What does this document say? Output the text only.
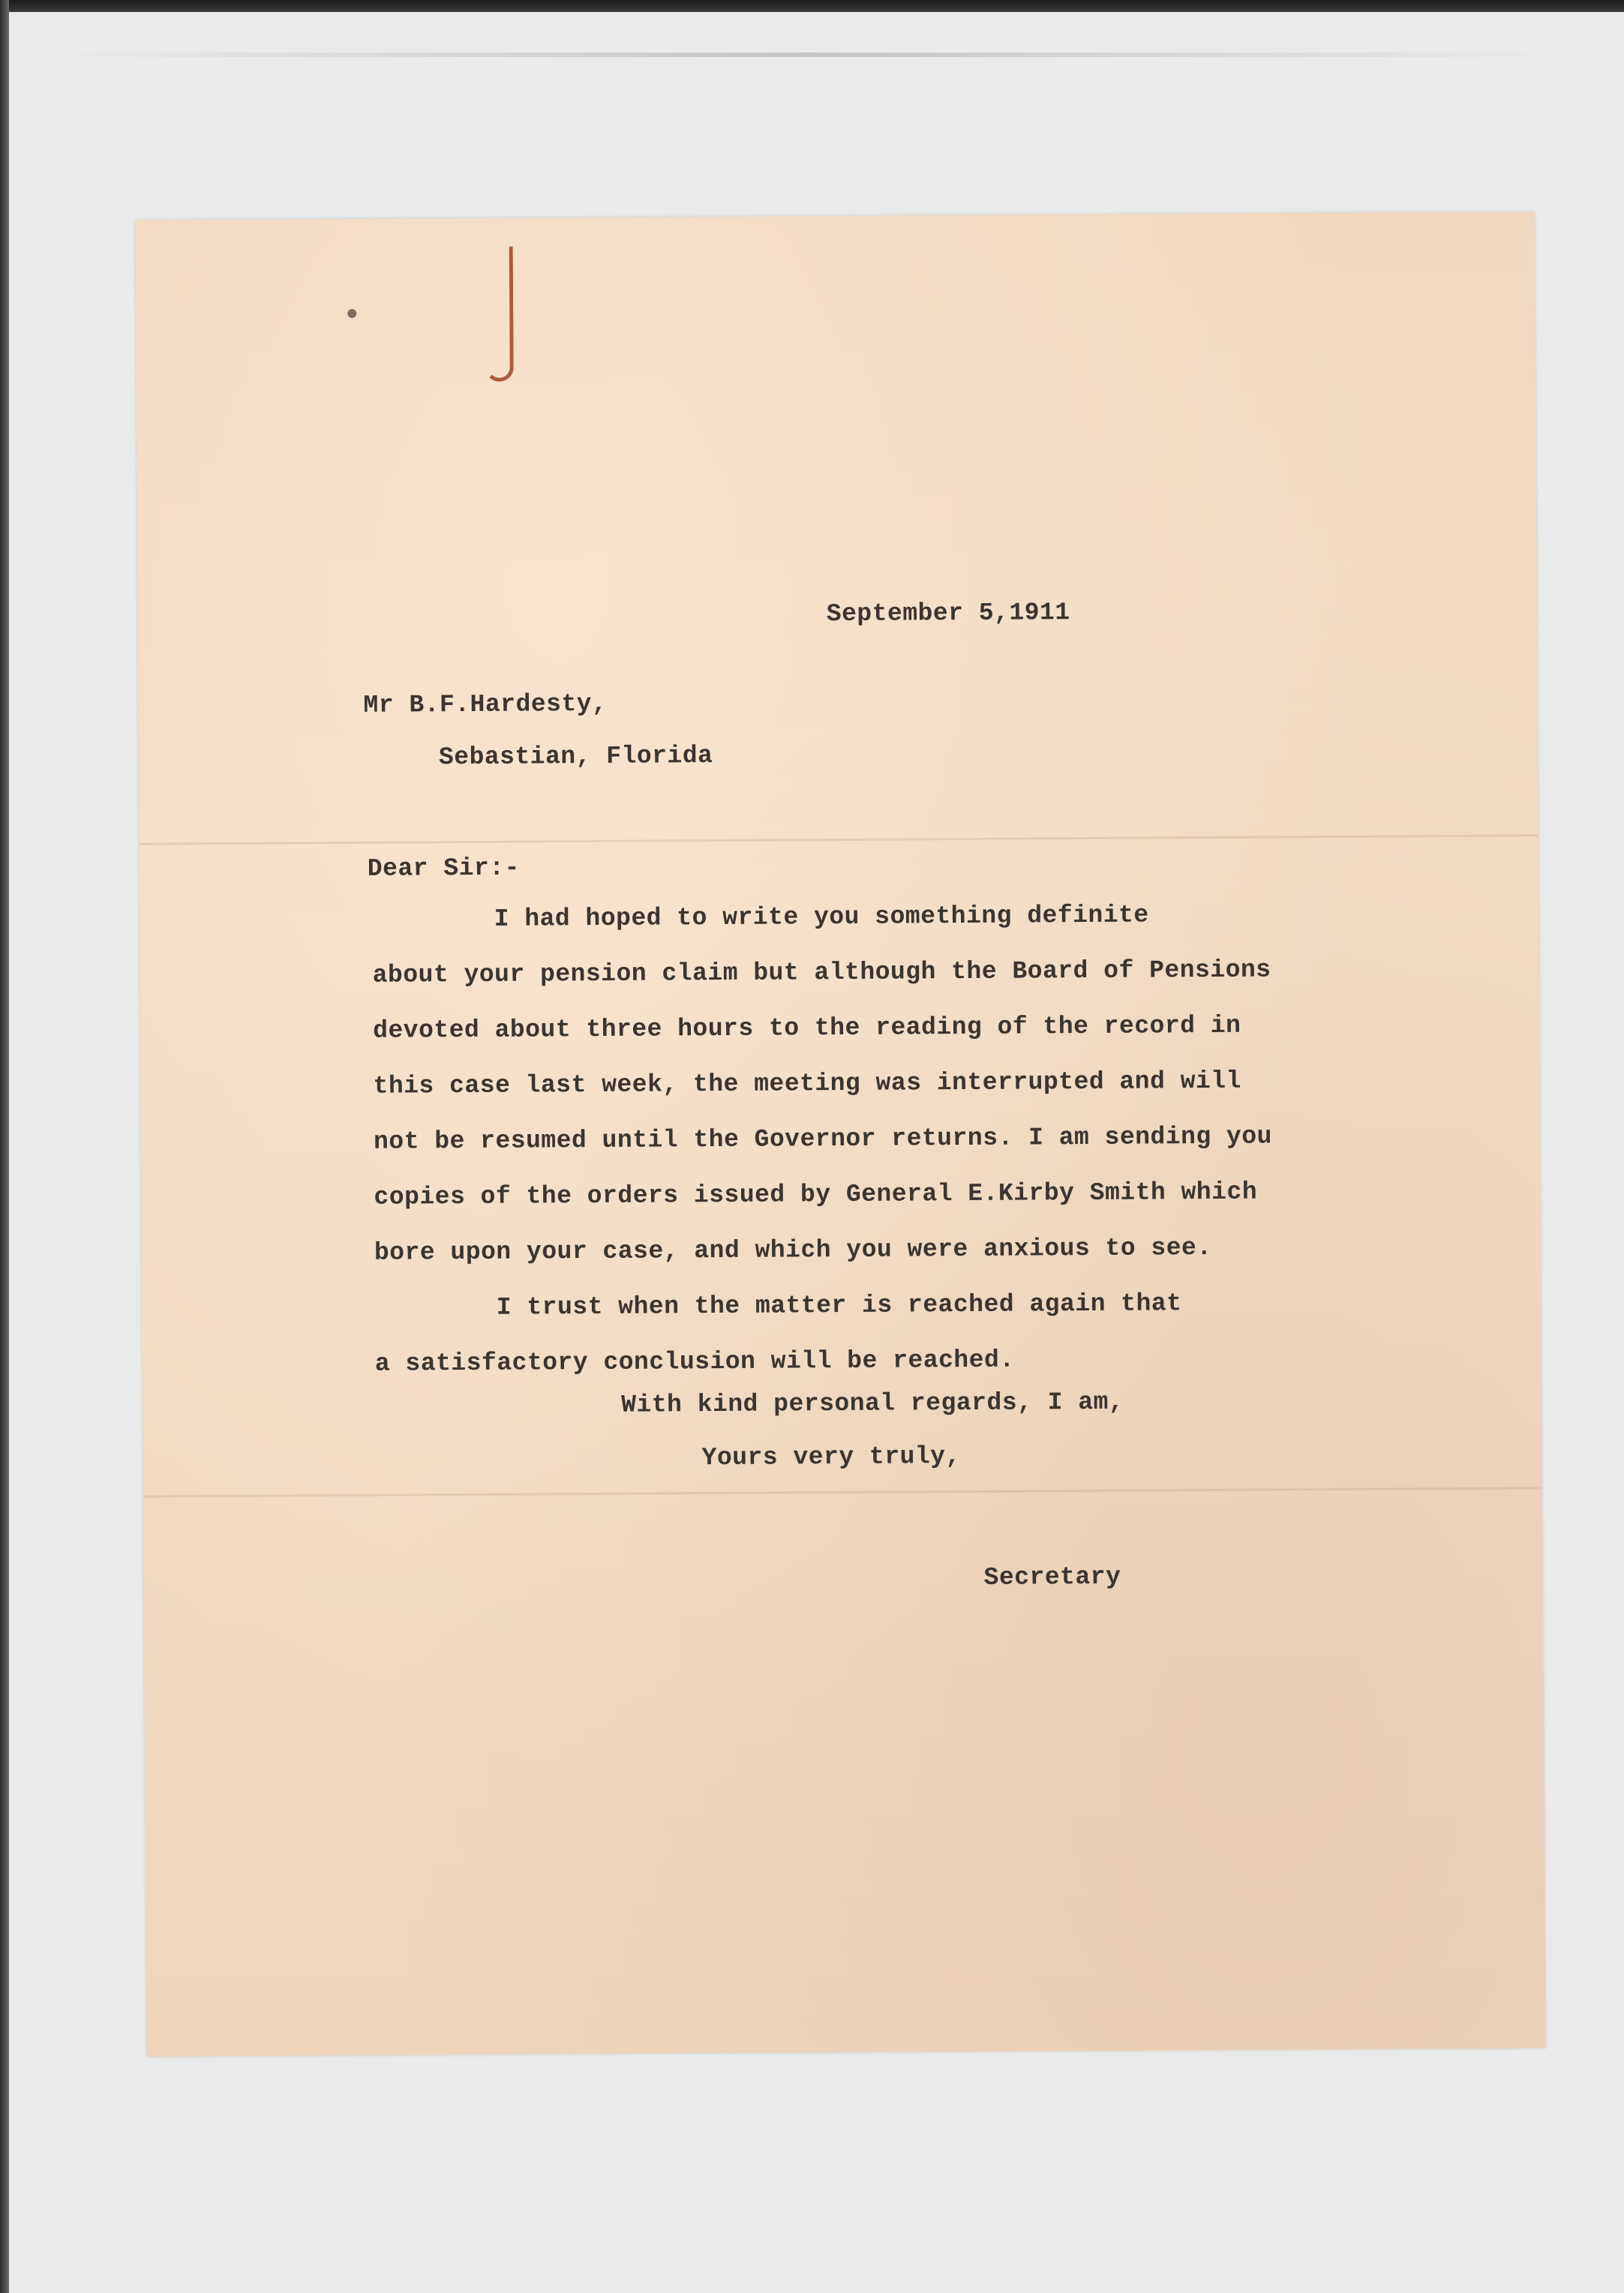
September 5,1911
Mr B.F.Hardesty,
Sebastian, Florida
Dear Sir:-
I had hoped to write you something definite
about your pension claim but although the Board of Pensions
devoted about three hours to the reading of the record in
this case last week, the meeting was interrupted and will
not be resumed until the Governor returns. I am sending you
copies of the orders issued by General E.Kirby Smith which
bore upon your case, and which you were anxious to see.
I trust when the matter is reached again that
a satisfactory conclusion will be reached.
With kind personal regards, I am,
Yours very truly,
Secretary
